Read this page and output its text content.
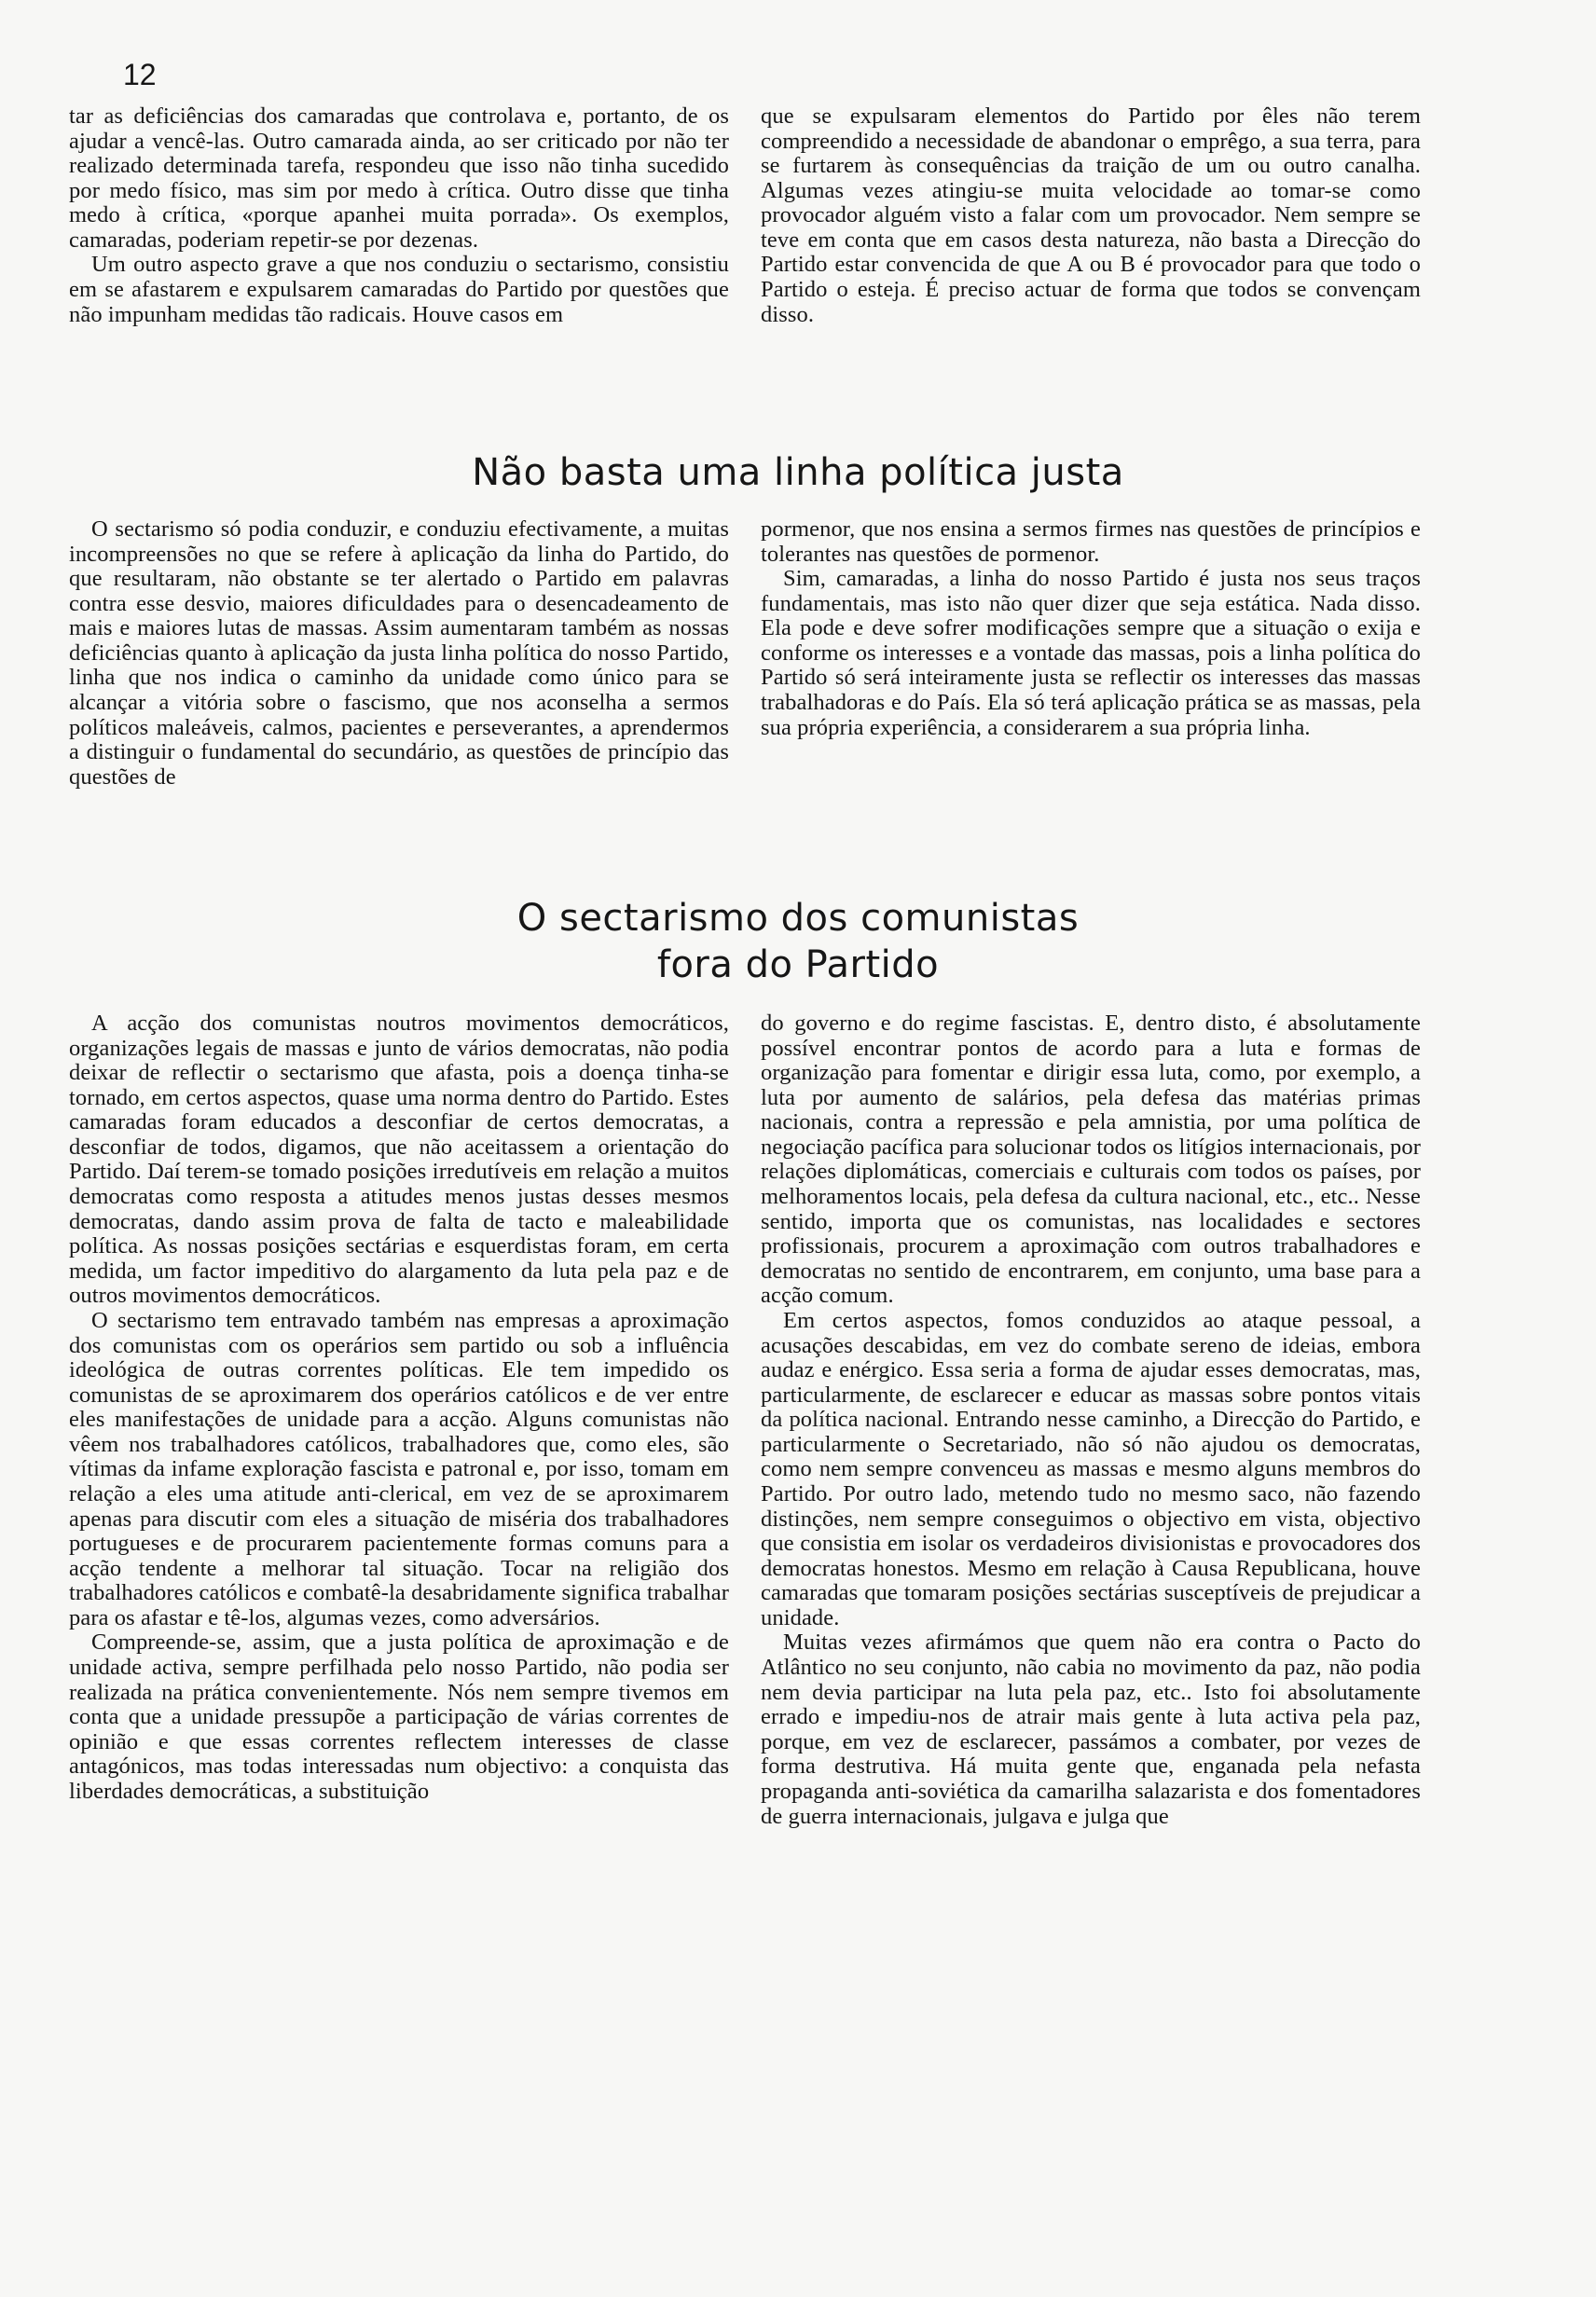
12

tar as deficiências dos camaradas que controlava e, portanto, de os ajudar a vencê-las. Outro camarada ainda, ao ser criticado por não ter realizado determinada tarefa, respondeu que isso não tinha sucedido por medo físico, mas sim por medo à crítica. Outro disse que tinha medo à crítica, «porque apanhei muita porrada». Os exemplos, camaradas, poderiam repetir-se por dezenas.

Um outro aspecto grave a que nos conduziu o sectarismo, consistiu em se afastarem e expulsarem camaradas do Partido por questões que não impunham medidas tão radicais. Houve casos em

que se expulsaram elementos do Partido por êles não terem compreendido a necessidade de abandonar o emprêgo, a sua terra, para se furtarem às consequências da traição de um ou outro canalha. Algumas vezes atingiu-se muita velocidade ao tomar-se como provocador alguém visto a falar com um provocador. Nem sempre se teve em conta que em casos desta natureza, não basta a Direcção do Partido estar convencida de que A ou B é provocador para que todo o Partido o esteja. É preciso actuar de forma que todos se convençam disso.

Não basta uma linha política justa

O sectarismo só podia conduzir, e conduziu efectivamente, a muitas incompreensões no que se refere à aplicação da linha do Partido, do que resultaram, não obstante se ter alertado o Partido em palavras contra esse desvio, maiores dificuldades para o desencadeamento de mais e maiores lutas de massas. Assim aumentaram também as nossas deficiências quanto à aplicação da justa linha política do nosso Partido, linha que nos indica o caminho da unidade como único para se alcançar a vitória sobre o fascismo, que nos aconselha a sermos políticos maleáveis, calmos, pacientes e perseverantes, a aprendermos a distinguir o fundamental do secundário, as questões de princípio das questões de

pormenor, que nos ensina a sermos firmes nas questões de princípios e tolerantes nas questões de pormenor.

Sim, camaradas, a linha do nosso Partido é justa nos seus traços fundamentais, mas isto não quer dizer que seja estática. Nada disso. Ela pode e deve sofrer modificações sempre que a situação o exija e conforme os interesses e a vontade das massas, pois a linha política do Partido só será inteiramente justa se reflectir os interesses das massas trabalhadoras e do País. Ela só terá aplicação prática se as massas, pela sua própria experiência, a considerarem a sua própria linha.

O sectarismo dos comunistas
fora do Partido

A acção dos comunistas noutros movimentos democráticos, organizações legais de massas e junto de vários democratas, não podia deixar de reflectir o sectarismo que afasta, pois a doença tinha-se tornado, em certos aspectos, quase uma norma dentro do Partido. Estes camaradas foram educados a desconfiar de certos democratas, a desconfiar de todos, digamos, que não aceitassem a orientação do Partido. Daí terem-se tomado posições irredutíveis em relação a muitos democratas como resposta a atitudes menos justas desses mesmos democratas, dando assim prova de falta de tacto e maleabilidade política. As nossas posições sectárias e esquerdistas foram, em certa medida, um factor impeditivo do alargamento da luta pela paz e de outros movimentos democráticos.

O sectarismo tem entravado também nas empresas a aproximação dos comunistas com os operários sem partido ou sob a influência ideológica de outras correntes políticas. Ele tem impedido os comunistas de se aproximarem dos operários católicos e de ver entre eles manifestações de unidade para a acção. Alguns comunistas não vêem nos trabalhadores católicos, trabalhadores que, como eles, são vítimas da infame exploração fascista e patronal e, por isso, tomam em relação a eles uma atitude anti-clerical, em vez de se aproximarem apenas para discutir com eles a situação de miséria dos trabalhadores portugueses e de procurarem pacientemente formas comuns para a acção tendente a melhorar tal situação. Tocar na religião dos trabalhadores católicos e combatê-la desabridamente significa trabalhar para os afastar e tê-los, algumas vezes, como adversários.

Compreende-se, assim, que a justa política de aproximação e de unidade activa, sempre perfilhada pelo nosso Partido, não podia ser realizada na prática convenientemente. Nós nem sempre tivemos em conta que a unidade pressupõe a participação de várias correntes de opinião e que essas correntes reflectem interesses de classe antagónicos, mas todas interessadas num objectivo: a conquista das liberdades democráticas, a substituição

do governo e do regime fascistas. E, dentro disto, é absolutamente possível encontrar pontos de acordo para a luta e formas de organização para fomentar e dirigir essa luta, como, por exemplo, a luta por aumento de salários, pela defesa das matérias primas nacionais, contra a repressão e pela amnistia, por uma política de negociação pacífica para solucionar todos os litígios internacionais, por relações diplomáticas, comerciais e culturais com todos os países, por melhoramentos locais, pela defesa da cultura nacional, etc., etc.. Nesse sentido, importa que os comunistas, nas localidades e sectores profissionais, procurem a aproximação com outros trabalhadores e democratas no sentido de encontrarem, em conjunto, uma base para a acção comum.

Em certos aspectos, fomos conduzidos ao ataque pessoal, a acusações descabidas, em vez do combate sereno de ideias, embora audaz e enérgico. Essa seria a forma de ajudar esses democratas, mas, particularmente, de esclarecer e educar as massas sobre pontos vitais da política nacional. Entrando nesse caminho, a Direcção do Partido, e particularmente o Secretariado, não só não ajudou os democratas, como nem sempre convenceu as massas e mesmo alguns membros do Partido. Por outro lado, metendo tudo no mesmo saco, não fazendo distinções, nem sempre conseguimos o objectivo em vista, objectivo que consistia em isolar os verdadeiros divisionistas e provocadores dos democratas honestos. Mesmo em relação à Causa Republicana, houve camaradas que tomaram posições sectárias susceptíveis de prejudicar a unidade.

Muitas vezes afirmámos que quem não era contra o Pacto do Atlântico no seu conjunto, não cabia no movimento da paz, não podia nem devia participar na luta pela paz, etc.. Isto foi absolutamente errado e impediu-nos de atrair mais gente à luta activa pela paz, porque, em vez de esclarecer, passámos a combater, por vezes de forma destrutiva. Há muita gente que, enganada pela nefasta propaganda anti-soviética da camarilha salazarista e dos fomentadores de guerra internacionais, julgava e julga que
